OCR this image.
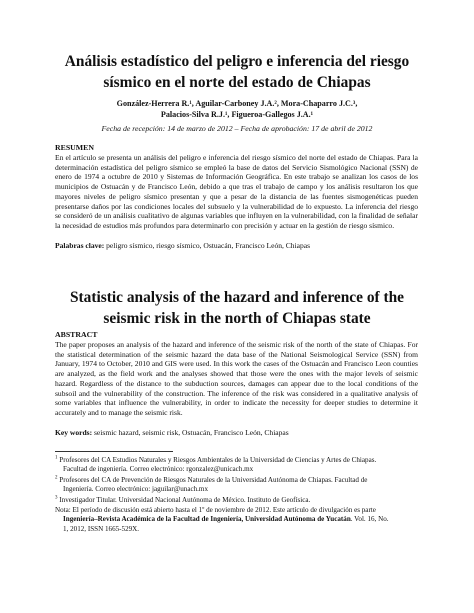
Análisis estadístico del peligro e inferencia del riesgo
sísmico en el norte del estado de Chiapas
González-Herrera R.¹, Aguilar-Carboney J.A.², Mora-Chaparro J.C.³,
Palacios-Silva R.J.¹, Figueroa-Gallegos J.A.¹
Fecha de recepción: 14 de marzo de 2012 – Fecha de aprobación: 17 de abril de 2012
RESUMEN

En el artículo se presenta un análisis del peligro e inferencia del riesgo sísmico del norte del estado de Chiapas. Para la determinación estadística del peligro sísmico se empleó la base de datos del Servicio Sismológico Nacional (SSN) de enero de 1974 a octubre de 2010 y Sistemas de Información Geográfica. En este trabajo se analizan los casos de los municipios de Ostuacán y de Francisco León, debido a que tras el trabajo de campo y los análisis resultaron los que mayores niveles de peligro sísmico presentan y que a pesar de la distancia de las fuentes sismogenéticas pueden presentarse daños por las condiciones locales del subsuelo y la vulnerabilidad de lo expuesto. La inferencia del riesgo se consideró de un análisis cualitativo de algunas variables que influyen en la vulnerabilidad, con la finalidad de señalar la necesidad de estudios más profundos para determinarlo con precisión y actuar en la gestión de riesgo sísmico.

Palabras clave: peligro sísmico, riesgo sísmico, Ostuacán, Francisco León, Chiapas
Statistic analysis of the hazard and inference of the
seismic risk in the north of Chiapas state
ABSTRACT

The paper proposes an analysis of the hazard and inference of the seismic risk of the north of the state of Chiapas. For the statistical determination of the seismic hazard the data base of the National Seismological Service (SSN) from January, 1974 to October, 2010 and GIS were used. In this work the cases of the Ostuacán and Francisco Leon counties are analyzed, as the field work and the analyses showed that those were the ones with the major levels of seismic hazard. Regardless of the distance to the subduction sources, damages can appear due to the local conditions of the subsoil and the vulnerability of the construction. The inference of the risk was considered in a qualitative analysis of some variables that influence the vulnerability, in order to indicate the necessity for deeper studies to determine it accurately and to manage the seismic risk.

Key words: seismic hazard, seismic risk, Ostuacán, Francisco León, Chiapas
$^1$ Profesores del CA Estudios Naturales y Riesgos Ambientales de la Universidad de Ciencias y Artes de Chiapas.
Facultad de ingeniería. Correo electrónico: rgonzalez@unicach.mx
$^2$ Profesores del CA de Prevención de Riesgos Naturales de la Universidad Autónoma de Chiapas. Facultad de
Ingeniería. Correo electrónico: jaguilar@unach.mx
$^3$ Investigador Titular. Universidad Nacional Autónoma de México. Instituto de Geofísica.
Nota: El período de discusión está abierto hasta el 1º de noviembre de 2012. Este artículo de divulgación es parte
Ingeniería–Revista Académica de la Facultad de Ingeniería, Universidad Autónoma de Yucatán. Vol. 16, No.
1, 2012, ISSN 1665-529X.
